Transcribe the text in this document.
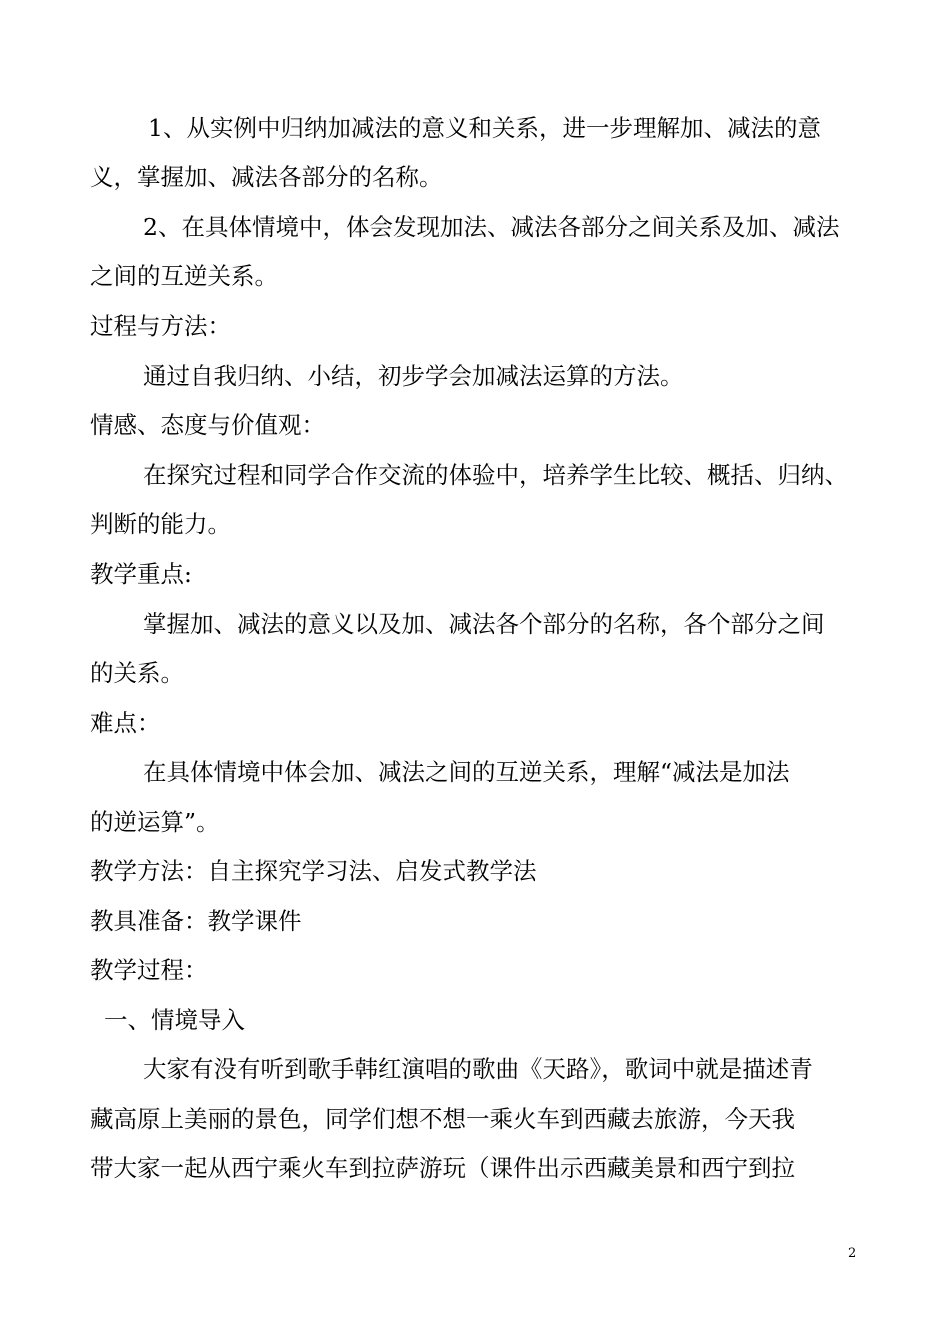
1、从实例中归纳加减法的意义和关系，进一步理解加、减法的意
义，掌握加、减法各部分的名称。
2、在具体情境中，体会发现加法、减法各部分之间关系及加、减法
之间的互逆关系。
过程与方法：
通过自我归纳、小结，初步学会加减法运算的方法。
情感、态度与价值观：
在探究过程和同学合作交流的体验中，培养学生比较、概括、归纳、
判断的能力。
教学重点:
掌握加、减法的意义以及加、减法各个部分的名称，各个部分之间
的关系。
难点：
在具体情境中体会加、减法之间的互逆关系，理解“减法是加法
的逆运算”。
教学方法：自主探究学习法、启发式教学法
教具准备：教学课件
教学过程：
一、情境导入
大家有没有听到歌手韩红演唱的歌曲《天路》，歌词中就是描述青
藏高原上美丽的景色，同学们想不想一乘火车到西藏去旅游，今天我
带大家一起从西宁乘火车到拉萨游玩（课件出示西藏美景和西宁到拉
2
